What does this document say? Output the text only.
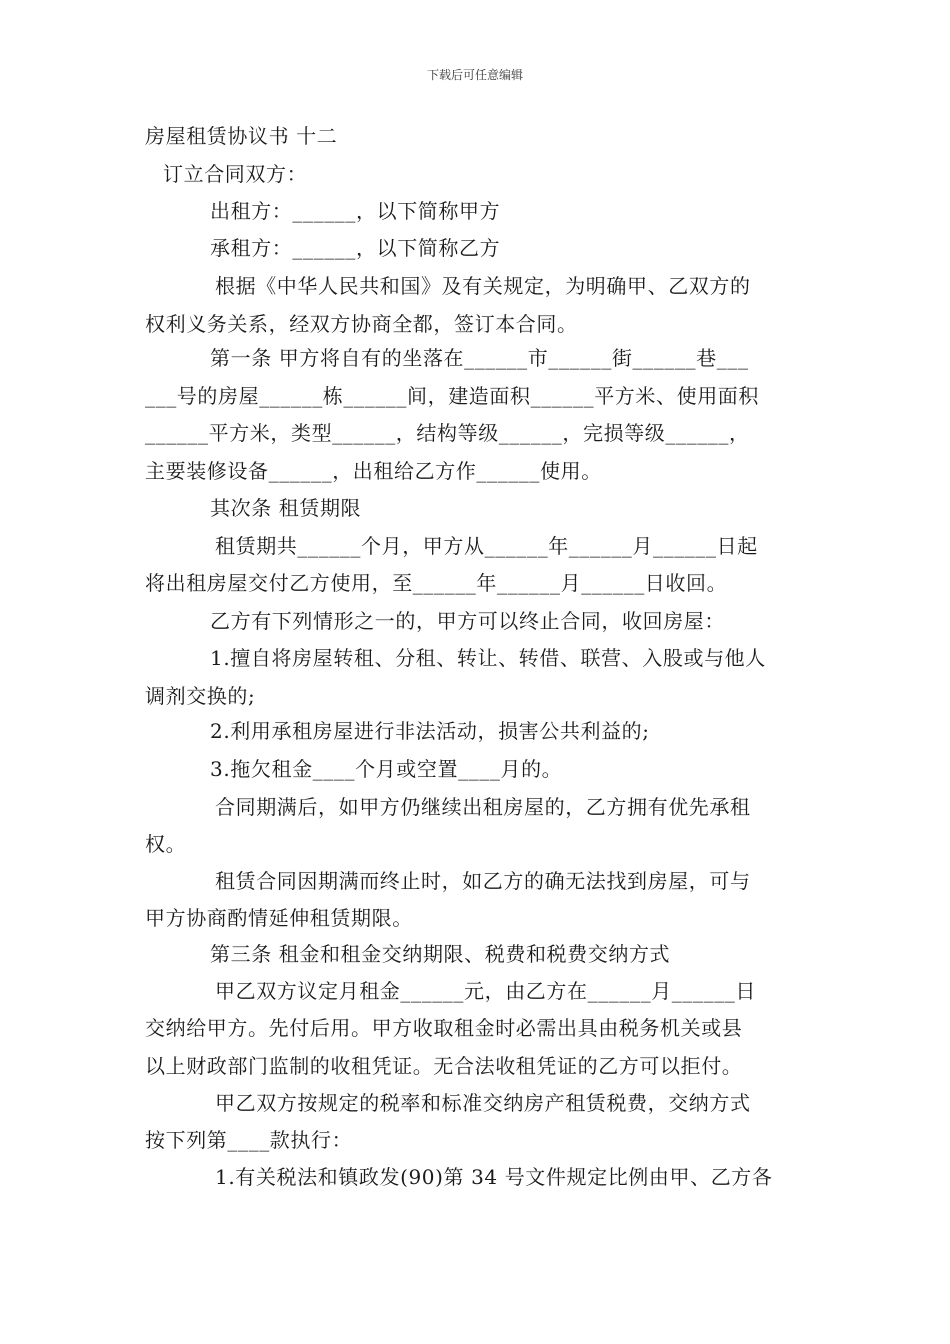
下载后可任意编辑
房屋租赁协议书 十二
订立合同双方：
出租方：______，以下简称甲方
承租方：______，以下简称乙方
根据《中华人民共和国》及有关规定，为明确甲、乙双方的
权利义务关系，经双方协商全都，签订本合同。
第一条 甲方将自有的坐落在______市______街______巷___
___号的房屋______栋______间，建造面积______平方米、使用面积
______平方米，类型______，结构等级______，完损等级______，
主要装修设备______，出租给乙方作______使用。
其次条 租赁期限
租赁期共______个月，甲方从______年______月______日起
将出租房屋交付乙方使用，至______年______月______日收回。
乙方有下列情形之一的，甲方可以终止合同，收回房屋：
1.擅自将房屋转租、分租、转让、转借、联营、入股或与他人
调剂交换的;
2.利用承租房屋进行非法活动，损害公共利益的;
3.拖欠租金____个月或空置____月的。
合同期满后，如甲方仍继续出租房屋的，乙方拥有优先承租
权。
租赁合同因期满而终止时，如乙方的确无法找到房屋，可与
甲方协商酌情延伸租赁期限。
第三条 租金和租金交纳期限、税费和税费交纳方式
甲乙双方议定月租金______元，由乙方在______月______日
交纳给甲方。先付后用。甲方收取租金时必需出具由税务机关或县
以上财政部门监制的收租凭证。无合法收租凭证的乙方可以拒付。
甲乙双方按规定的税率和标准交纳房产租赁税费，交纳方式
按下列第____款执行：
1.有关税法和镇政发(90)第 34 号文件规定比例由甲、乙方各
